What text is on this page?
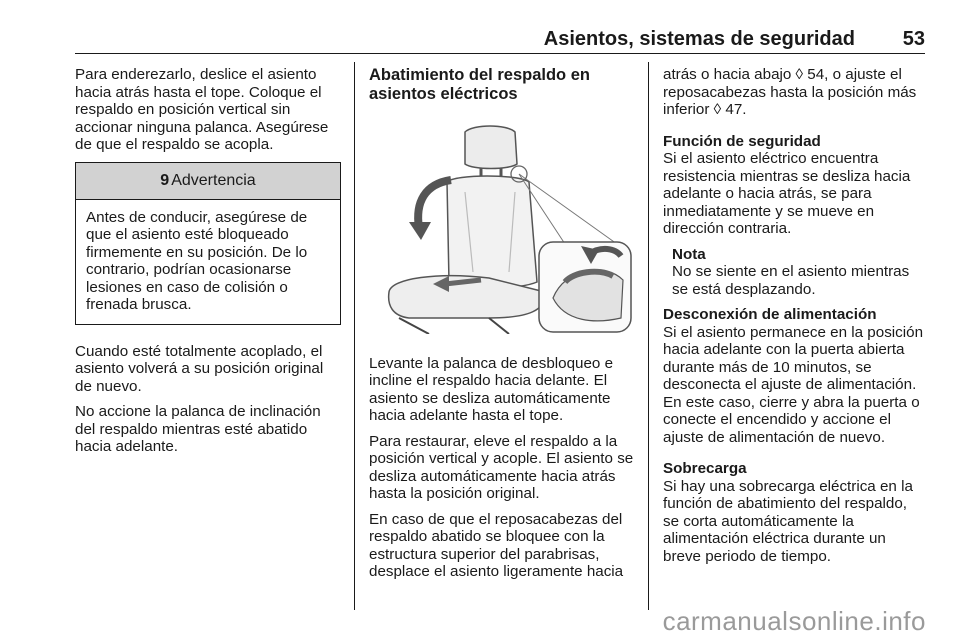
Asientos, sistemas de seguridad 53

Para enderezarlo, deslice el asiento hacia atrás hasta el tope. Coloque el respaldo en posición vertical sin accionar ninguna palanca. Asegúrese de que el respaldo se acopla.

9 Advertencia
Antes de conducir, asegúrese de que el asiento esté bloqueado firmemente en su posición. De lo contrario, podrían ocasionarse lesiones en caso de colisión o frenada brusca.

Cuando esté totalmente acoplado, el asiento volverá a su posición original de nuevo.

No accione la palanca de inclinación del respaldo mientras esté abatido hacia adelante.

Abatimiento del respaldo en asientos eléctricos

Levante la palanca de desbloqueo e incline el respaldo hacia delante. El asiento se desliza automáticamente hacia adelante hasta el tope.

Para restaurar, eleve el respaldo a la posición vertical y acople. El asiento se desliza automáticamente hacia atrás hasta la posición original.

En caso de que el reposacabezas del respaldo abatido se bloquee con la estructura superior del parabrisas, desplace el asiento ligeramente hacia

atrás o hacia abajo ◊ 54, o ajuste el reposacabezas hasta la posición más inferior ◊ 47.

Función de seguridad

Si el asiento eléctrico encuentra resistencia mientras se desliza hacia adelante o hacia atrás, se para inmediatamente y se mueve en dirección contraria.

Nota
No se siente en el asiento mientras se está desplazando.
Desconexión de alimentación

Si el asiento permanece en la posición hacia adelante con la puerta abierta durante más de 10 minutos, se desconecta el ajuste de alimentación. En este caso, cierre y abra la puerta o conecte el encendido y accione el ajuste de alimentación de nuevo.

Sobrecarga

Si hay una sobrecarga eléctrica en la función de abatimiento del respaldo, se corta automáticamente la alimentación eléctrica durante un breve periodo de tiempo.

carmanualsonline.info
